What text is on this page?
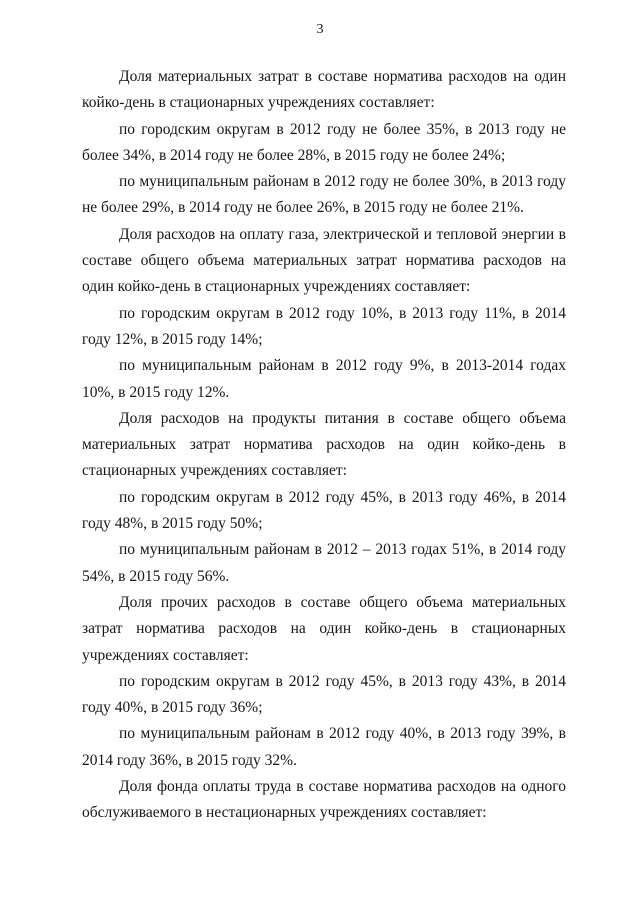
3

Доля материальных затрат в составе норматива расходов на один койко-день в стационарных учреждениях составляет:

по городским округам в 2012 году не более 35%, в 2013 году не более 34%, в 2014 году не более 28%, в 2015 году не более 24%;

по муниципальным районам в 2012 году не более 30%, в 2013 году не более 29%, в 2014 году не более 26%, в 2015 году не более 21%.

Доля расходов на оплату газа, электрической и тепловой энергии в составе общего объема материальных затрат норматива расходов на один койко-день в стационарных учреждениях составляет:

по городским округам в 2012 году 10%, в 2013 году 11%, в 2014 году 12%, в 2015 году 14%;

по муниципальным районам в 2012 году 9%, в 2013-2014 годах 10%, в 2015 году 12%.

Доля расходов на продукты питания в составе общего объема материальных затрат норматива расходов на один койко-день в стационарных учреждениях составляет:

по городским округам в 2012 году 45%, в 2013 году 46%, в 2014 году 48%, в 2015 году 50%;

по муниципальным районам в 2012 – 2013 годах 51%, в 2014 году 54%, в 2015 году 56%.

Доля прочих расходов в составе общего объема материальных затрат норматива расходов на один койко-день в стационарных учреждениях составляет:

по городским округам в 2012 году 45%, в 2013 году 43%, в 2014 году 40%, в 2015 году 36%;

по муниципальным районам в 2012 году 40%, в 2013 году 39%, в 2014 году 36%, в 2015 году 32%.

Доля фонда оплаты труда в составе норматива расходов на одного обслуживаемого в нестационарных учреждениях составляет:
